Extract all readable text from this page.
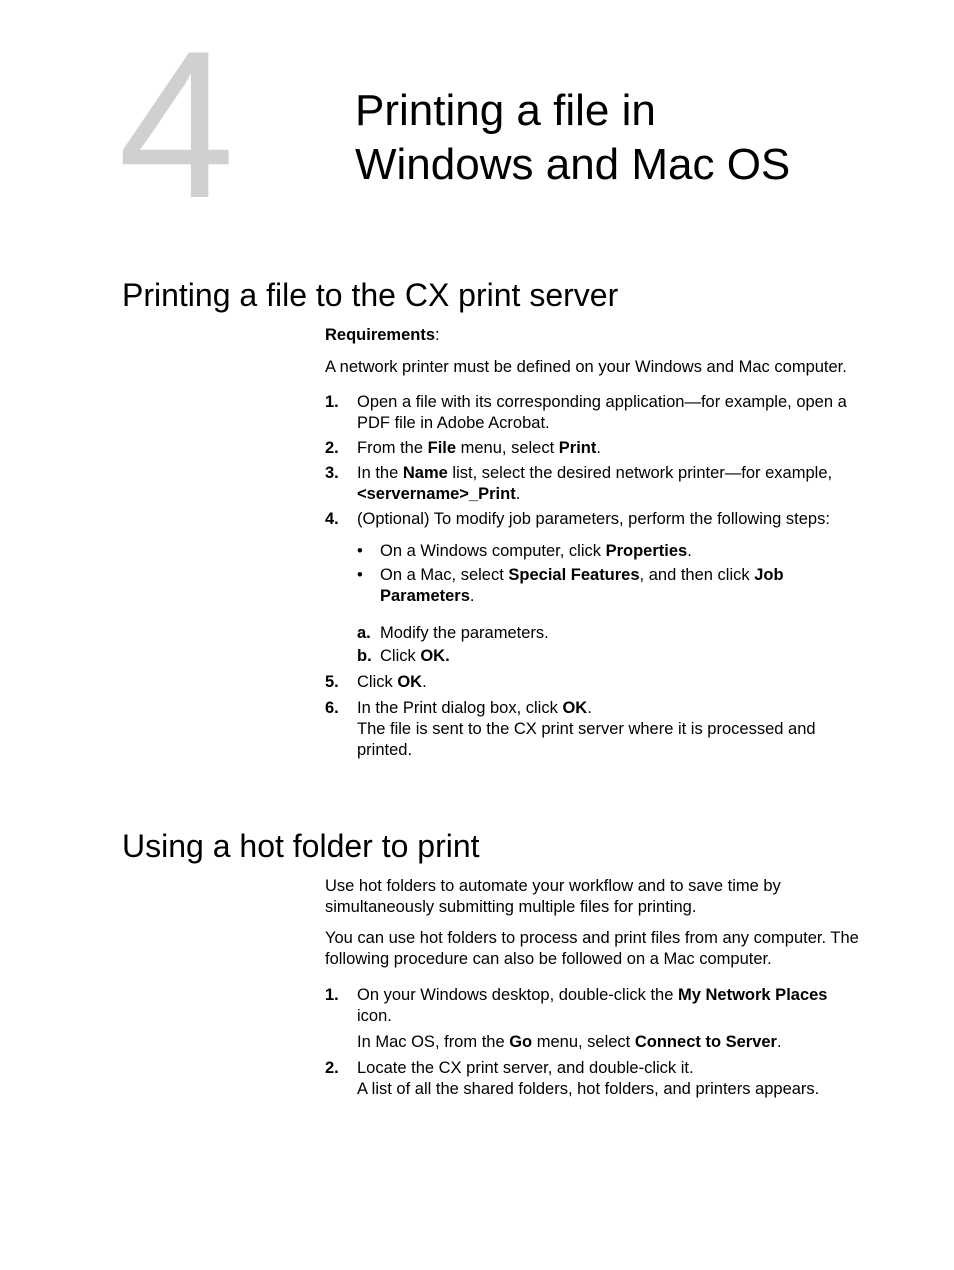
4	Printing a file in
Windows and Mac OS
Printing a file to the CX print server

Requirements:

A network printer must be defined on your Windows and Mac computer.

1. Open a file with its corresponding application—for example, open a PDF file in Adobe Acrobat.
2. From the File menu, select Print.
3. In the Name list, select the desired network printer—for example, <servername>_Print.
4. (Optional) To modify job parameters, perform the following steps:
• On a Windows computer, click Properties.
• On a Mac, select Special Features, and then click Job Parameters.
a. Modify the parameters.
b. Click OK.
5. Click OK.
6. In the Print dialog box, click OK.
The file is sent to the CX print server where it is processed and printed.
Using a hot folder to print

Use hot folders to automate your workflow and to save time by simultaneously submitting multiple files for printing.

You can use hot folders to process and print files from any computer. The following procedure can also be followed on a Mac computer.

1. On your Windows desktop, double-click the My Network Places icon.
In Mac OS, from the Go menu, select Connect to Server.
2. Locate the CX print server, and double-click it.
A list of all the shared folders, hot folders, and printers appears.
